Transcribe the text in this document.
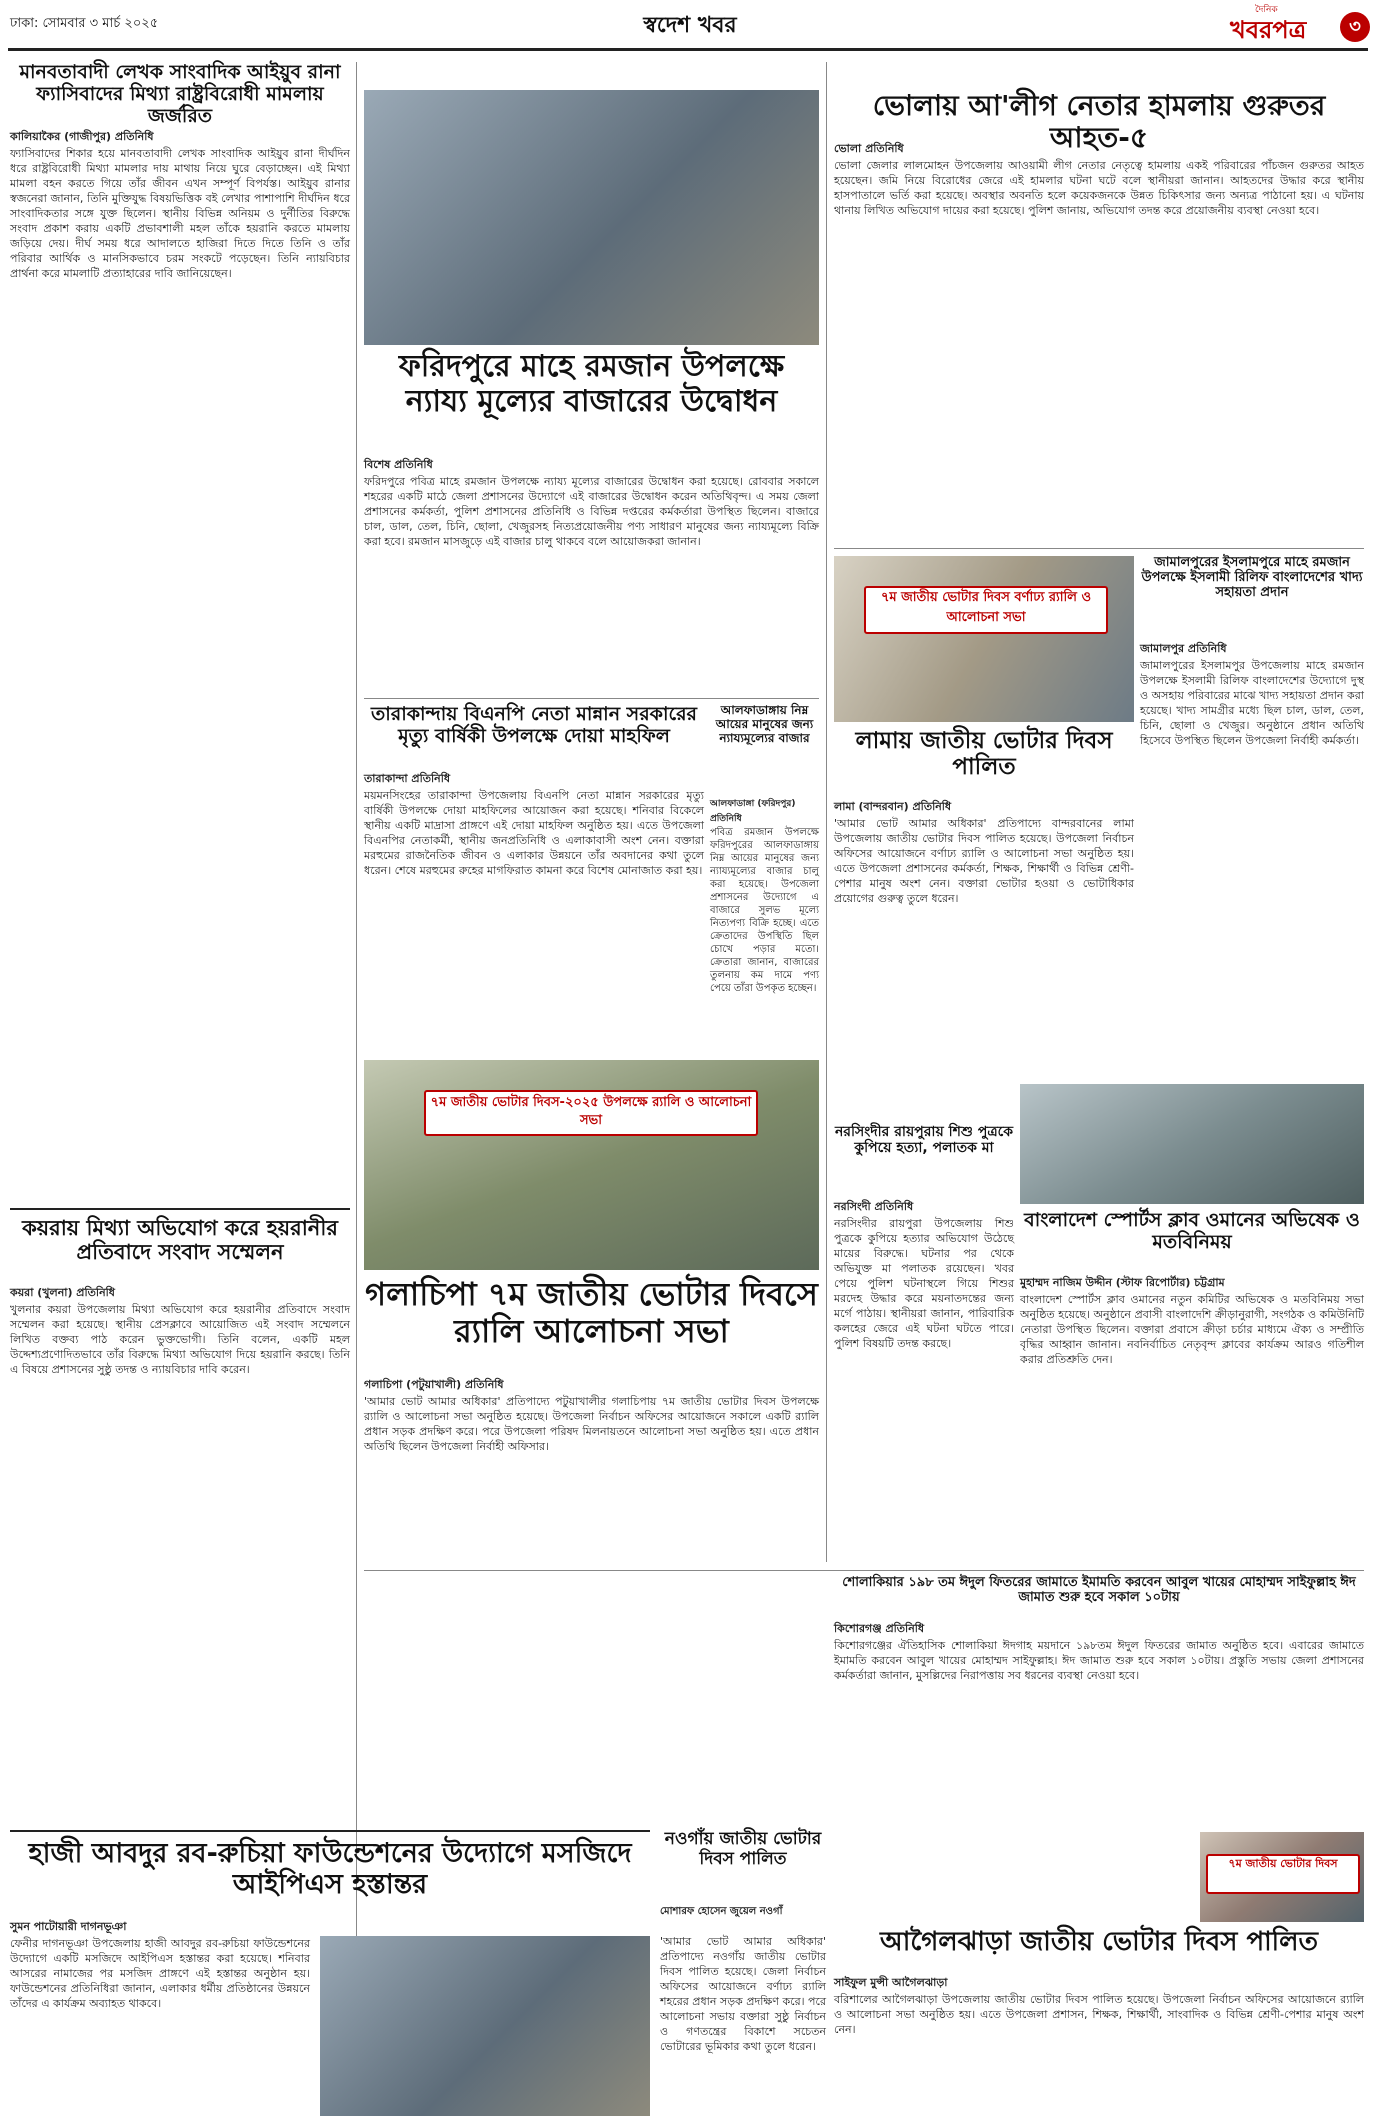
ঢাকা: সোমবার ৩ মার্চ ২০২৫	স্বদেশ খবর
দৈনিক
খবরপত্র	৩
মানবতাবাদী লেখক সাংবাদিক আইয়ুব রানা ফ্যাসিবাদের মিথ্যা রাষ্ট্রবিরোধী মামলায় জর্জরিত
কালিয়াকৈর (গাজীপুর) প্রতিনিধি
ফ্যাসিবাদের শিকার হয়ে মানবতাবাদী লেখক সাংবাদিক আইয়ুব রানা দীর্ঘদিন ধরে রাষ্ট্রবিরোধী মিথ্যা মামলার দায় মাথায় নিয়ে ঘুরে বেড়াচ্ছেন। এই মিথ্যা মামলা বহন করতে গিয়ে তাঁর জীবন এখন সম্পূর্ণ বিপর্যস্ত। আইয়ুব রানার স্বজনেরা জানান, তিনি মুক্তিযুদ্ধ বিষয়ভিত্তিক বই লেখার পাশাপাশি দীর্ঘদিন ধরে সাংবাদিকতার সঙ্গে যুক্ত ছিলেন। স্থানীয় বিভিন্ন অনিয়ম ও দুর্নীতির বিরুদ্ধে সংবাদ প্রকাশ করায় একটি প্রভাবশালী মহল তাঁকে হয়রানি করতে মামলায় জড়িয়ে দেয়। দীর্ঘ সময় ধরে আদালতে হাজিরা দিতে দিতে তিনি ও তাঁর পরিবার আর্থিক ও মানসিকভাবে চরম সংকটে পড়েছেন। তিনি ন্যায়বিচার প্রার্থনা করে মামলাটি প্রত্যাহারের দাবি জানিয়েছেন।
কয়রায় মিথ্যা অভিযোগ করে হয়রানীর প্রতিবাদে সংবাদ সম্মেলন
কয়রা (খুলনা) প্রতিনিধি
খুলনার কয়রা উপজেলায় মিথ্যা অভিযোগ করে হয়রানীর প্রতিবাদে সংবাদ সম্মেলন করা হয়েছে। স্থানীয় প্রেসক্লাবে আয়োজিত এই সংবাদ সম্মেলনে লিখিত বক্তব্য পাঠ করেন ভুক্তভোগী। তিনি বলেন, একটি মহল উদ্দেশ্যপ্রণোদিতভাবে তাঁর বিরুদ্ধে মিথ্যা অভিযোগ দিয়ে হয়রানি করছে। তিনি এ বিষয়ে প্রশাসনের সুষ্ঠু তদন্ত ও ন্যায়বিচার দাবি করেন।
ফরিদপুরে মাহে রমজান উপলক্ষে ন্যায্য মূল্যের বাজারের উদ্বোধন
বিশেষ প্রতিনিধি
ফরিদপুরে পবিত্র মাহে রমজান উপলক্ষে ন্যায্য মূল্যের বাজারের উদ্বোধন করা হয়েছে। রোববার সকালে শহরের একটি মাঠে জেলা প্রশাসনের উদ্যোগে এই বাজারের উদ্বোধন করেন অতিথিবৃন্দ। এ সময় জেলা প্রশাসনের কর্মকর্তা, পুলিশ প্রশাসনের প্রতিনিধি ও বিভিন্ন দপ্তরের কর্মকর্তারা উপস্থিত ছিলেন। বাজারে চাল, ডাল, তেল, চিনি, ছোলা, খেজুরসহ নিত্যপ্রয়োজনীয় পণ্য সাধারণ মানুষের জন্য ন্যায্যমূল্যে বিক্রি করা হবে। রমজান মাসজুড়ে এই বাজার চালু থাকবে বলে আয়োজকরা জানান।
তারাকান্দায় বিএনপি নেতা মান্নান সরকারের মৃত্যু বার্ষিকী উপলক্ষে দোয়া মাহফিল
তারাকান্দা প্রতিনিধি
ময়মনসিংহের তারাকান্দা উপজেলায় বিএনপি নেতা মান্নান সরকারের মৃত্যু বার্ষিকী উপলক্ষে দোয়া মাহফিলের আয়োজন করা হয়েছে। শনিবার বিকেলে স্থানীয় একটি মাদ্রাসা প্রাঙ্গণে এই দোয়া মাহফিল অনুষ্ঠিত হয়। এতে উপজেলা বিএনপির নেতাকর্মী, স্থানীয় জনপ্রতিনিধি ও এলাকাবাসী অংশ নেন। বক্তারা মরহুমের রাজনৈতিক জীবন ও এলাকার উন্নয়নে তাঁর অবদানের কথা তুলে ধরেন। শেষে মরহুমের রুহের মাগফিরাত কামনা করে বিশেষ মোনাজাত করা হয়।
আলফাডাঙ্গায় নিম্ন আয়ের মানুষের জন্য ন্যায্যমূল্যের বাজার
আলফাডাঙ্গা (ফরিদপুর) প্রতিনিধি
পবিত্র রমজান উপলক্ষে ফরিদপুরের আলফাডাঙ্গায় নিম্ন আয়ের মানুষের জন্য ন্যায্যমূল্যের বাজার চালু করা হয়েছে। উপজেলা প্রশাসনের উদ্যোগে এ বাজারে সুলভ মূল্যে নিত্যপণ্য বিক্রি হচ্ছে। এতে ক্রেতাদের উপস্থিতি ছিল চোখে পড়ার মতো। ক্রেতারা জানান, বাজারের তুলনায় কম দামে পণ্য পেয়ে তাঁরা উপকৃত হচ্ছেন।
৭ম জাতীয় ভোটার দিবস-২০২৫ উপলক্ষে র‍্যালি ও আলোচনা সভা
গলাচিপা ৭ম জাতীয় ভোটার দিবসে র‍্যালি আলোচনা সভা
গলাচিপা (পটুয়াখালী) প্রতিনিধি
'আমার ভোট আমার অধিকার' প্রতিপাদ্যে পটুয়াখালীর গলাচিপায় ৭ম জাতীয় ভোটার দিবস উপলক্ষে র‍্যালি ও আলোচনা সভা অনুষ্ঠিত হয়েছে। উপজেলা নির্বাচন অফিসের আয়োজনে সকালে একটি র‍্যালি প্রধান সড়ক প্রদক্ষিণ করে। পরে উপজেলা পরিষদ মিলনায়তনে আলোচনা সভা অনুষ্ঠিত হয়। এতে প্রধান অতিথি ছিলেন উপজেলা নির্বাহী অফিসার।
ভোলায় আ'লীগ নেতার হামলায় গুরুতর আহত-৫
ভোলা প্রতিনিধি
ভোলা জেলার লালমোহন উপজেলায় আওয়ামী লীগ নেতার নেতৃত্বে হামলায় একই পরিবারের পাঁচজন গুরুতর আহত হয়েছেন। জমি নিয়ে বিরোধের জেরে এই হামলার ঘটনা ঘটে বলে স্থানীয়রা জানান। আহতদের উদ্ধার করে স্থানীয় হাসপাতালে ভর্তি করা হয়েছে। অবস্থার অবনতি হলে কয়েকজনকে উন্নত চিকিৎসার জন্য অন্যত্র পাঠানো হয়। এ ঘটনায় থানায় লিখিত অভিযোগ দায়ের করা হয়েছে। পুলিশ জানায়, অভিযোগ তদন্ত করে প্রয়োজনীয় ব্যবস্থা নেওয়া হবে।
৭ম জাতীয় ভোটার দিবস বর্ণাঢ্য র‍্যালি ও আলোচনা সভা
লামায় জাতীয় ভোটার দিবস পালিত
লামা (বান্দরবান) প্রতিনিধি
'আমার ভোট আমার অধিকার' প্রতিপাদ্যে বান্দরবানের লামা উপজেলায় জাতীয় ভোটার দিবস পালিত হয়েছে। উপজেলা নির্বাচন অফিসের আয়োজনে বর্ণাঢ্য র‍্যালি ও আলোচনা সভা অনুষ্ঠিত হয়। এতে উপজেলা প্রশাসনের কর্মকর্তা, শিক্ষক, শিক্ষার্থী ও বিভিন্ন শ্রেণী-পেশার মানুষ অংশ নেন। বক্তারা ভোটার হওয়া ও ভোটাধিকার প্রয়োগের গুরুত্ব তুলে ধরেন।
জামালপুরের ইসলামপুরে মাহে রমজান উপলক্ষে ইসলামী রিলিফ বাংলাদেশের খাদ্য সহায়তা প্রদান
জামালপুর প্রতিনিধি
জামালপুরের ইসলামপুর উপজেলায় মাহে রমজান উপলক্ষে ইসলামী রিলিফ বাংলাদেশের উদ্যোগে দুস্থ ও অসহায় পরিবারের মাঝে খাদ্য সহায়তা প্রদান করা হয়েছে। খাদ্য সামগ্রীর মধ্যে ছিল চাল, ডাল, তেল, চিনি, ছোলা ও খেজুর। অনুষ্ঠানে প্রধান অতিথি হিসেবে উপস্থিত ছিলেন উপজেলা নির্বাহী কর্মকর্তা।
নরসিংদীর রায়পুরায় শিশু পুত্রকে কুপিয়ে হত্যা, পলাতক মা
নরসিংদী প্রতিনিধি
নরসিংদীর রায়পুরা উপজেলায় শিশু পুত্রকে কুপিয়ে হত্যার অভিযোগ উঠেছে মায়ের বিরুদ্ধে। ঘটনার পর থেকে অভিযুক্ত মা পলাতক রয়েছেন। খবর পেয়ে পুলিশ ঘটনাস্থলে গিয়ে শিশুর মরদেহ উদ্ধার করে ময়নাতদন্তের জন্য মর্গে পাঠায়। স্থানীয়রা জানান, পারিবারিক কলহের জেরে এই ঘটনা ঘটতে পারে। পুলিশ বিষয়টি তদন্ত করছে।
বাংলাদেশ স্পোর্টস ক্লাব ওমানের অভিষেক ও মতবিনিময়
মুহাম্মদ নাজিম উদ্দীন (স্টাফ রিপোর্টার) চট্টগ্রাম
বাংলাদেশ স্পোর্টস ক্লাব ওমানের নতুন কমিটির অভিষেক ও মতবিনিময় সভা অনুষ্ঠিত হয়েছে। অনুষ্ঠানে প্রবাসী বাংলাদেশি ক্রীড়ানুরাগী, সংগঠক ও কমিউনিটি নেতারা উপস্থিত ছিলেন। বক্তারা প্রবাসে ক্রীড়া চর্চার মাধ্যমে ঐক্য ও সম্প্রীতি বৃদ্ধির আহ্বান জানান। নবনির্বাচিত নেতৃবৃন্দ ক্লাবের কার্যক্রম আরও গতিশীল করার প্রতিশ্রুতি দেন।
শোলাকিয়ার ১৯৮ তম ঈদুল ফিতরের জামাতে ইমামতি করবেন আবুল খায়ের মোহাম্মদ সাইফুল্লাহ ঈদ জামাত শুরু হবে সকাল ১০টায়
কিশোরগঞ্জ প্রতিনিধি
কিশোরগঞ্জের ঐতিহাসিক শোলাকিয়া ঈদগাহ ময়দানে ১৯৮তম ঈদুল ফিতরের জামাত অনুষ্ঠিত হবে। এবারের জামাতে ইমামতি করবেন আবুল খায়ের মোহাম্মদ সাইফুল্লাহ। ঈদ জামাত শুরু হবে সকাল ১০টায়। প্রস্তুতি সভায় জেলা প্রশাসনের কর্মকর্তারা জানান, মুসল্লিদের নিরাপত্তায় সব ধরনের ব্যবস্থা নেওয়া হবে।
৭ম জাতীয় ভোটার দিবস
আগৈলঝাড়া জাতীয় ভোটার দিবস পালিত
সাইফুল মুন্সী আগৈলঝাড়া
বরিশালের আগৈলঝাড়া উপজেলায় জাতীয় ভোটার দিবস পালিত হয়েছে। উপজেলা নির্বাচন অফিসের আয়োজনে র‍্যালি ও আলোচনা সভা অনুষ্ঠিত হয়। এতে উপজেলা প্রশাসন, শিক্ষক, শিক্ষার্থী, সাংবাদিক ও বিভিন্ন শ্রেণী-পেশার মানুষ অংশ নেন।
হাজী আবদুর রব-রুচিয়া ফাউন্ডেশনের উদ্যোগে মসজিদে আইপিএস হস্তান্তর
সুমন পাটোয়ারী দাগনভূঞা
ফেনীর দাগনভূঞা উপজেলায় হাজী আবদুর রব-রুচিয়া ফাউন্ডেশনের উদ্যোগে একটি মসজিদে আইপিএস হস্তান্তর করা হয়েছে। শনিবার আসরের নামাজের পর মসজিদ প্রাঙ্গণে এই হস্তান্তর অনুষ্ঠান হয়। ফাউন্ডেশনের প্রতিনিধিরা জানান, এলাকার ধর্মীয় প্রতিষ্ঠানের উন্নয়নে তাঁদের এ কার্যক্রম অব্যাহত থাকবে।
নওগাঁয় জাতীয় ভোটার দিবস পালিত
মোশারফ হোসেন জুয়েল নওগাঁ
'আমার ভোট আমার অধিকার' প্রতিপাদ্যে নওগাঁয় জাতীয় ভোটার দিবস পালিত হয়েছে। জেলা নির্বাচন অফিসের আয়োজনে বর্ণাঢ্য র‍্যালি শহরের প্রধান সড়ক প্রদক্ষিণ করে। পরে আলোচনা সভায় বক্তারা সুষ্ঠু নির্বাচন ও গণতন্ত্রের বিকাশে সচেতন ভোটারের ভূমিকার কথা তুলে ধরেন।
